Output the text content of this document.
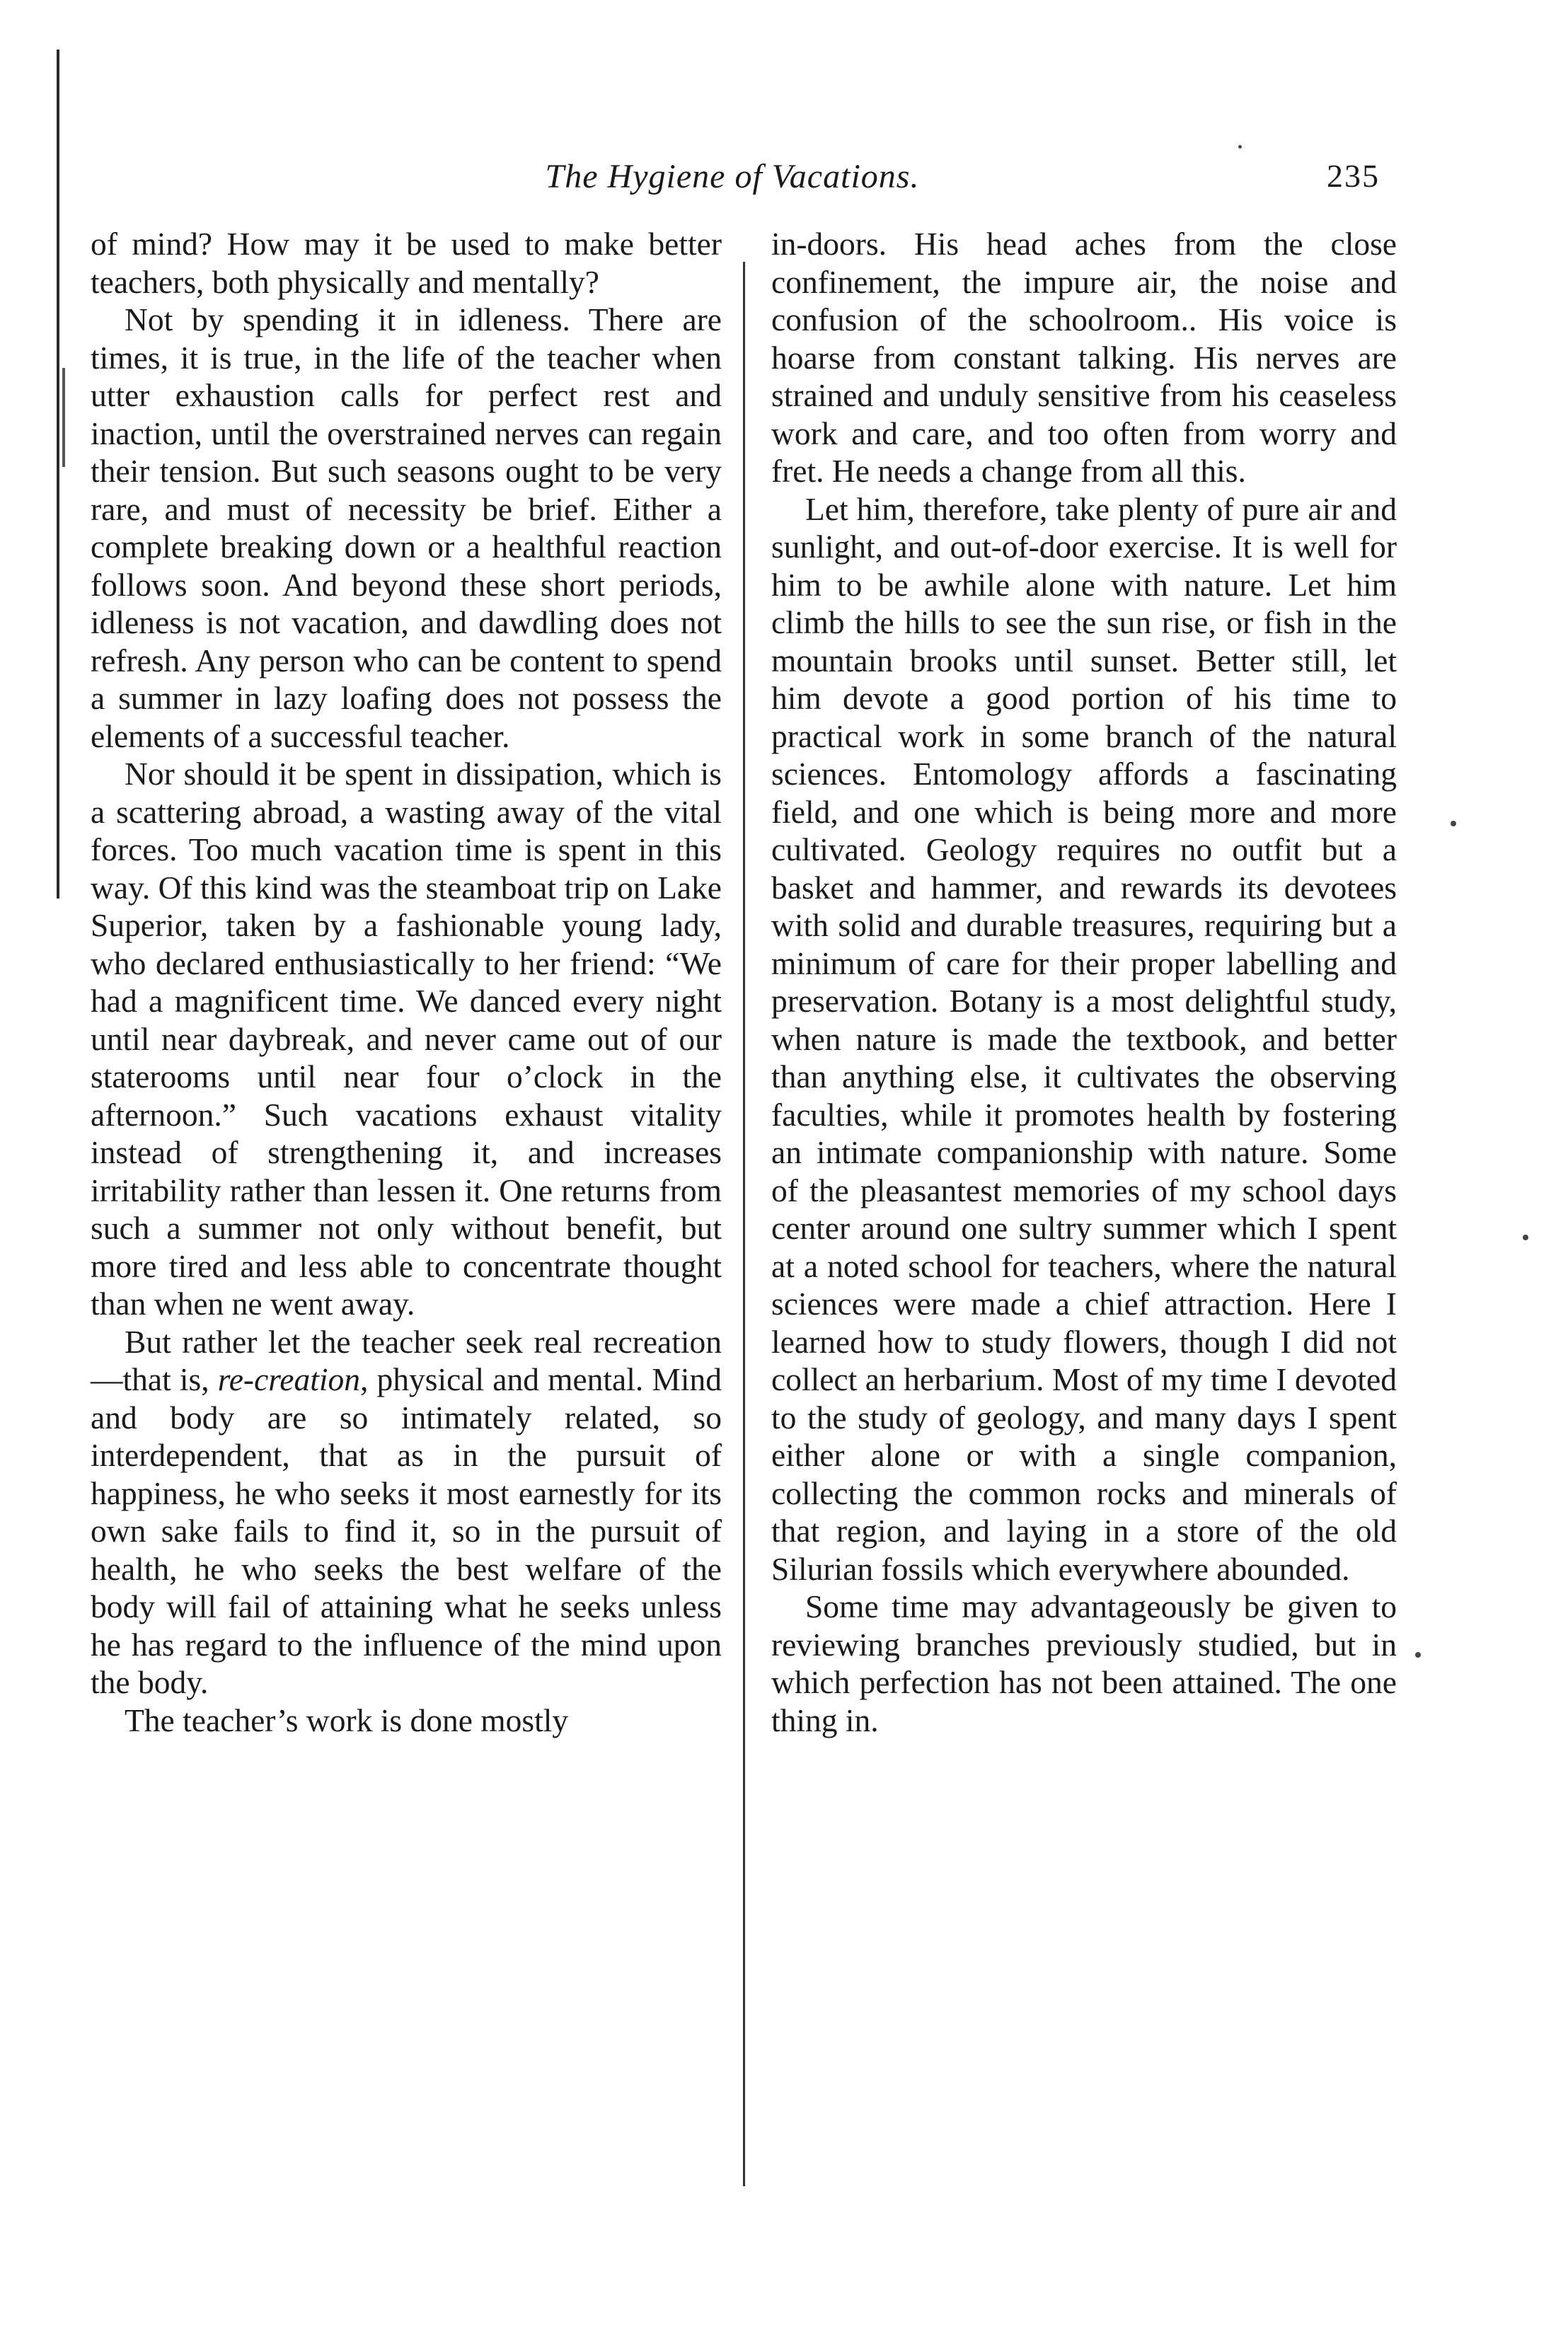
The Hygiene of Vacations.	235

of mind? How may it be used to make better teachers, both physically and mentally?

Not by spending it in idleness. There are times, it is true, in the life of the teacher when utter exhaustion calls for perfect rest and inaction, until the overstrained nerves can regain their tension. But such seasons ought to be very rare, and must of necessity be brief. Either a complete breaking down or a healthful reaction follows soon. And beyond these short periods, idleness is not vacation, and dawdling does not refresh. Any person who can be content to spend a summer in lazy loafing does not possess the elements of a successful teacher.

Nor should it be spent in dissipation, which is a scattering abroad, a wasting away of the vital forces. Too much vacation time is spent in this way. Of this kind was the steamboat trip on Lake Superior, taken by a fashionable young lady, who declared enthusiastically to her friend: “We had a magnificent time. We danced every night until near daybreak, and never came out of our staterooms until near four o’clock in the afternoon.” Such vacations exhaust vitality instead of strengthening it, and increases irritability rather than lessen it. One returns from such a summer not only without benefit, but more tired and less able to concentrate thought than when ne went away.

But rather let the teacher seek real recreation—that is, re-creation, physical and mental. Mind and body are so intimately related, so interdependent, that as in the pursuit of happiness, he who seeks it most earnestly for its own sake fails to find it, so in the pursuit of health, he who seeks the best welfare of the body will fail of attaining what he seeks unless he has regard to the influence of the mind upon the body.

The teacher’s work is done mostly

in-doors. His head aches from the close confinement, the impure air, the noise and confusion of the schoolroom.. His voice is hoarse from constant talking. His nerves are strained and unduly sensitive from his ceaseless work and care, and too often from worry and fret. He needs a change from all this.

Let him, therefore, take plenty of pure air and sunlight, and out-of-door exercise. It is well for him to be awhile alone with nature. Let him climb the hills to see the sun rise, or fish in the mountain brooks until sunset. Better still, let him devote a good portion of his time to practical work in some branch of the natural sciences. Entomology affords a fascinating field, and one which is being more and more cultivated. Geology requires no outfit but a basket and hammer, and rewards its devotees with solid and durable treasures, requiring but a minimum of care for their proper labelling and preservation. Botany is a most delightful study, when nature is made the textbook, and better than anything else, it cultivates the observing faculties, while it promotes health by fostering an intimate companionship with nature. Some of the pleasantest memories of my school days center around one sultry summer which I spent at a noted school for teachers, where the natural sciences were made a chief attraction. Here I learned how to study flowers, though I did not collect an herbarium. Most of my time I devoted to the study of geology, and many days I spent either alone or with a single companion, collecting the common rocks and minerals of that region, and laying in a store of the old Silurian fossils which everywhere abounded.

Some time may advantageously be given to reviewing branches previously studied, but in which perfection has not been attained. The one thing in.
